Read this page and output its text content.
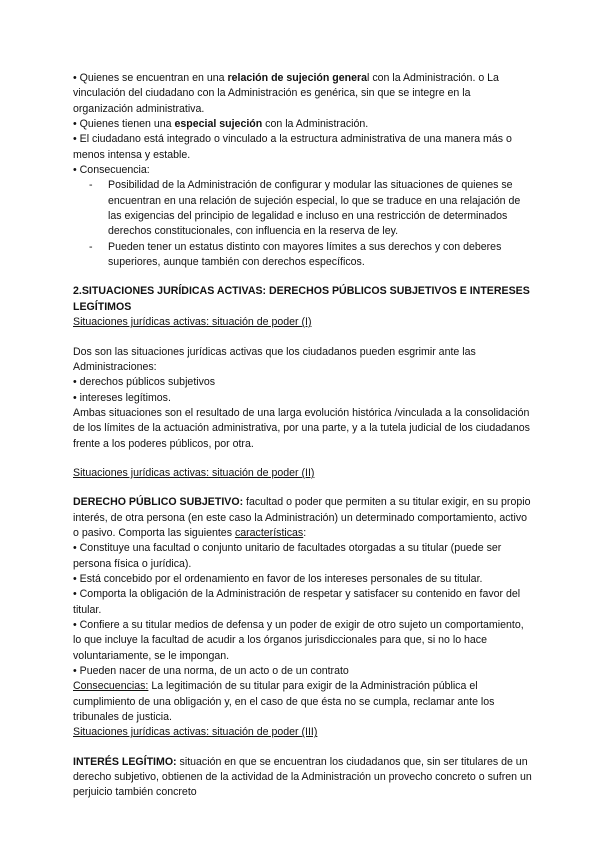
• Quienes se encuentran en una relación de sujeción general con la Administración. o La vinculación del ciudadano con la Administración es genérica, sin que se integre en la organización administrativa.

• Quienes tienen una especial sujeción con la Administración.

• El ciudadano está integrado o vinculado a la estructura administrativa de una manera más o menos intensa y estable.

• Consecuencia:

- Posibilidad de la Administración de configurar y modular las situaciones de quienes se encuentran en una relación de sujeción especial, lo que se traduce en una relajación de las exigencias del principio de legalidad e incluso en una restricción de determinados derechos constitucionales, con influencia en la reserva de ley.

- Pueden tener un estatus distinto con mayores límites a sus derechos y con deberes superiores, aunque también con derechos específicos.

2.SITUACIONES JURÍDICAS ACTIVAS: DERECHOS PÚBLICOS SUBJETIVOS E INTERESES LEGÍTIMOS

Situaciones jurídicas activas: situación de poder (I)

Dos son las situaciones jurídicas activas que los ciudadanos pueden esgrimir ante las Administraciones:

• derechos públicos subjetivos

• intereses legítimos.

Ambas situaciones son el resultado de una larga evolución histórica /vinculada a la consolidación de los límites de la actuación administrativa, por una parte, y a la tutela judicial de los ciudadanos frente a los poderes públicos, por otra.

Situaciones jurídicas activas: situación de poder (II)

DERECHO PÚBLICO SUBJETIVO: facultad o poder que permiten a su titular exigir, en su propio interés, de otra persona (en este caso la Administración) un determinado comportamiento, activo o pasivo. Comporta las siguientes características:

• Constituye una facultad o conjunto unitario de facultades otorgadas a su titular (puede ser persona física o jurídica).

• Está concebido por el ordenamiento en favor de los intereses personales de su titular.

• Comporta la obligación de la Administración de respetar y satisfacer su contenido en favor del titular.

• Confiere a su titular medios de defensa y un poder de exigir de otro sujeto un comportamiento, lo que incluye la facultad de acudir a los órganos jurisdiccionales para que, si no lo hace voluntariamente, se le impongan.

• Pueden nacer de una norma, de un acto o de un contrato

Consecuencias: La legitimación de su titular para exigir de la Administración pública el cumplimiento de una obligación y, en el caso de que ésta no se cumpla, reclamar ante los tribunales de justicia.

Situaciones jurídicas activas: situación de poder (III)

INTERÉS LEGÍTIMO: situación en que se encuentran los ciudadanos que, sin ser titulares de un derecho subjetivo, obtienen de la actividad de la Administración un provecho concreto o sufren un perjuicio también concreto
